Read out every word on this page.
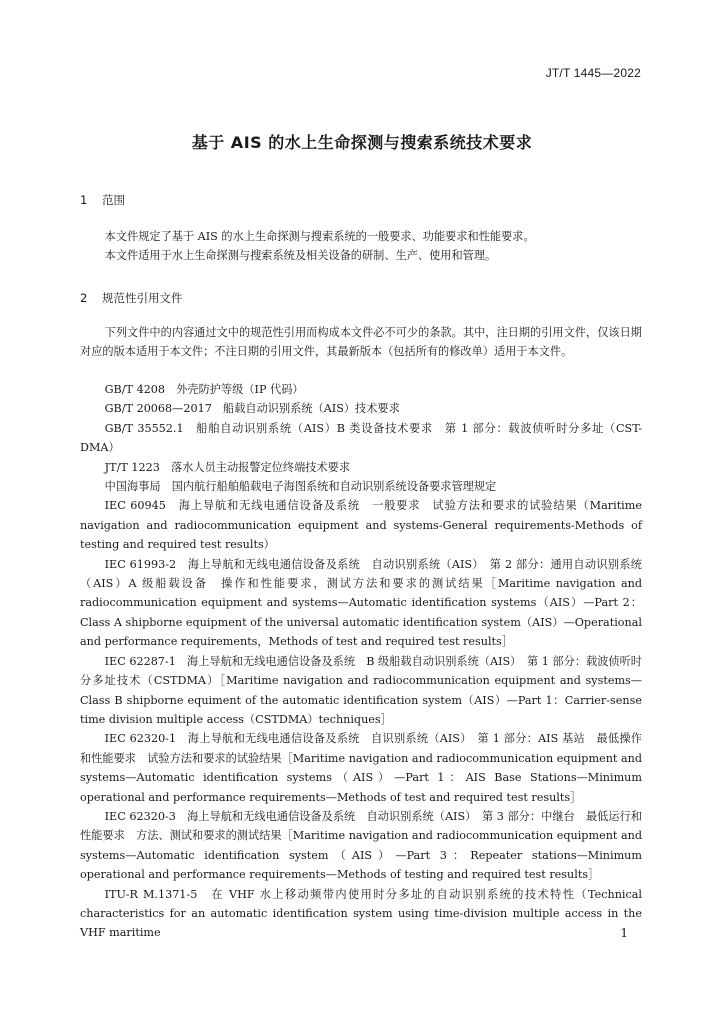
JT/T 1445—2022
基于 AIS 的水上生命探测与搜索系统技术要求
1 范围

本文件规定了基于 AIS 的水上生命探测与搜索系统的一般要求、功能要求和性能要求。

本文件适用于水上生命探测与搜索系统及相关设备的研制、生产、使用和管理。

2 规范性引用文件

下列文件中的内容通过文中的规范性引用而构成本文件必不可少的条款。其中，注日期的引用文件，仅该日期对应的版本适用于本文件；不注日期的引用文件，其最新版本（包括所有的修改单）适用于本文件。

GB/T 4208　外壳防护等级（IP 代码）

GB/T 20068—2017　船载自动识别系统（AIS）技术要求

GB/T 35552.1　船舶自动识别系统（AIS）B 类设备技术要求　第 1 部分：载波侦听时分多址（CST-DMA）

JT/T 1223　落水人员主动报警定位终端技术要求

中国海事局　国内航行船舶船载电子海图系统和自动识别系统设备要求管理规定

IEC 60945　海上导航和无线电通信设备及系统　一般要求　试验方法和要求的试验结果（Maritime navigation and radiocommunication equipment and systems-General requirements-Methods of testing and required test results）

IEC 61993-2　海上导航和无线电通信设备及系统　自动识别系统（AIS）　第 2 部分：通用自动识别系统（AIS）A 级船载设备　操作和性能要求，测试方法和要求的测试结果［Maritime navigation and radiocommunication equipment and systems—Automatic identification systems（AIS）—Part 2：Class A shipborne equipment of the universal automatic identification system（AIS）—Operational and performance requirements，Methods of test and required test results］

IEC 62287-1　海上导航和无线电通信设备及系统　B 级船载自动识别系统（AIS）　第 1 部分：载波侦听时分多址技术（CSTDMA）［Maritime navigation and radiocommunication equipment and systems—Class B shipborne equiment of the automatic identification system（AIS）—Part 1：Carrier-sense time division multiple access（CSTDMA）techniques］

IEC 62320-1　海上导航和无线电通信设备及系统　自识别系统（AIS）　第 1 部分：AIS 基站　最低操作和性能要求　试验方法和要求的试验结果［Maritime navigation and radiocommunication equipment and systems—Automatic identification systems（AIS）—Part 1：AIS Base Stations—Minimum operational and performance requirements—Methods of test and required test results］

IEC 62320-3　海上导航和无线电通信设备及系统　自动识别系统（AIS）　第 3 部分：中继台　最低运行和性能要求　方法、测试和要求的测试结果［Maritime navigation and radiocommunication equipment and systems—Automatic identification system（AIS）—Part 3：Repeater stations—Minimum operational and performance requirements—Methods of testing and required test results］

ITU-R M.1371-5　在 VHF 水上移动频带内使用时分多址的自动识别系统的技术特性（Technical characteristics for an automatic identification system using time-division multiple access in the VHF maritime	1
